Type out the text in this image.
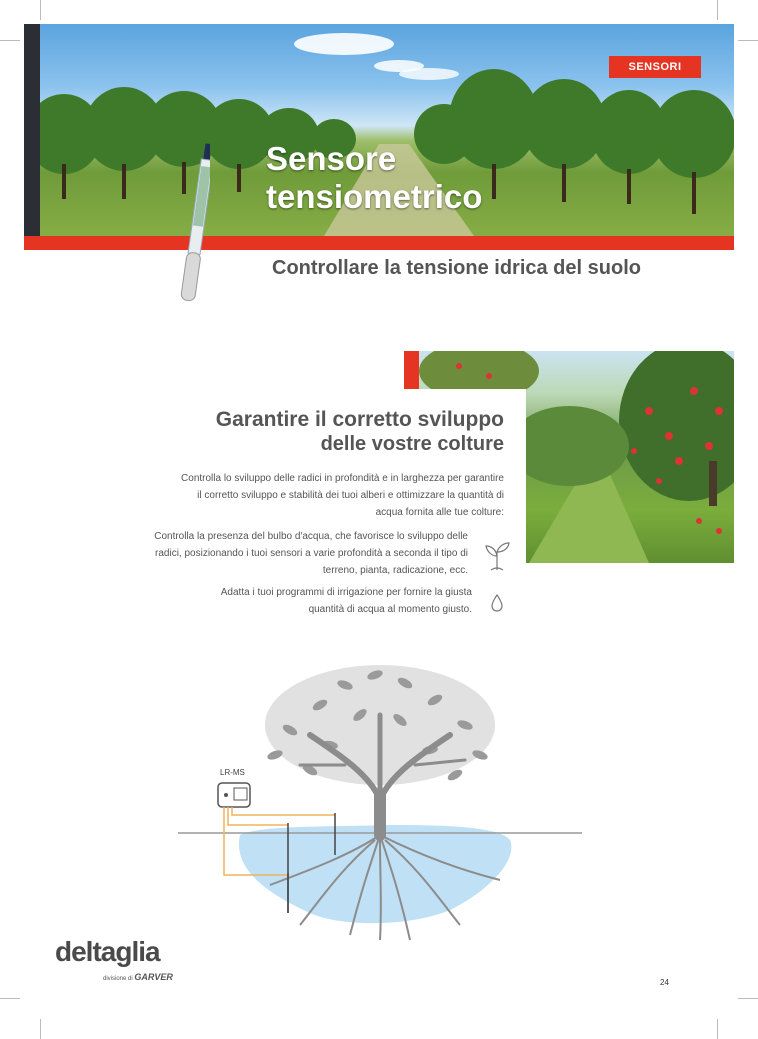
SENSORI
Sensore
tensiometrico
Controllare la tensione idrica del suolo
Garantire il corretto sviluppo
delle vostre colture

Controlla lo sviluppo delle radici in profondità e in larghezza per garantire il corretto sviluppo e stabilità dei tuoi alberi e ottimizzare la quantità di acqua fornita alle tue colture:

Controlla la presenza del bulbo d'acqua, che favorisce lo sviluppo delle radici, posizionando i tuoi sensori a varie profondità a seconda il tipo di terreno, pianta, radicazione, ecc.

Adatta i tuoi programmi di irrigazione per fornire la giusta quantità di acqua al momento giusto.

LR-MS

deltaglia

divisione di GARVER

24
